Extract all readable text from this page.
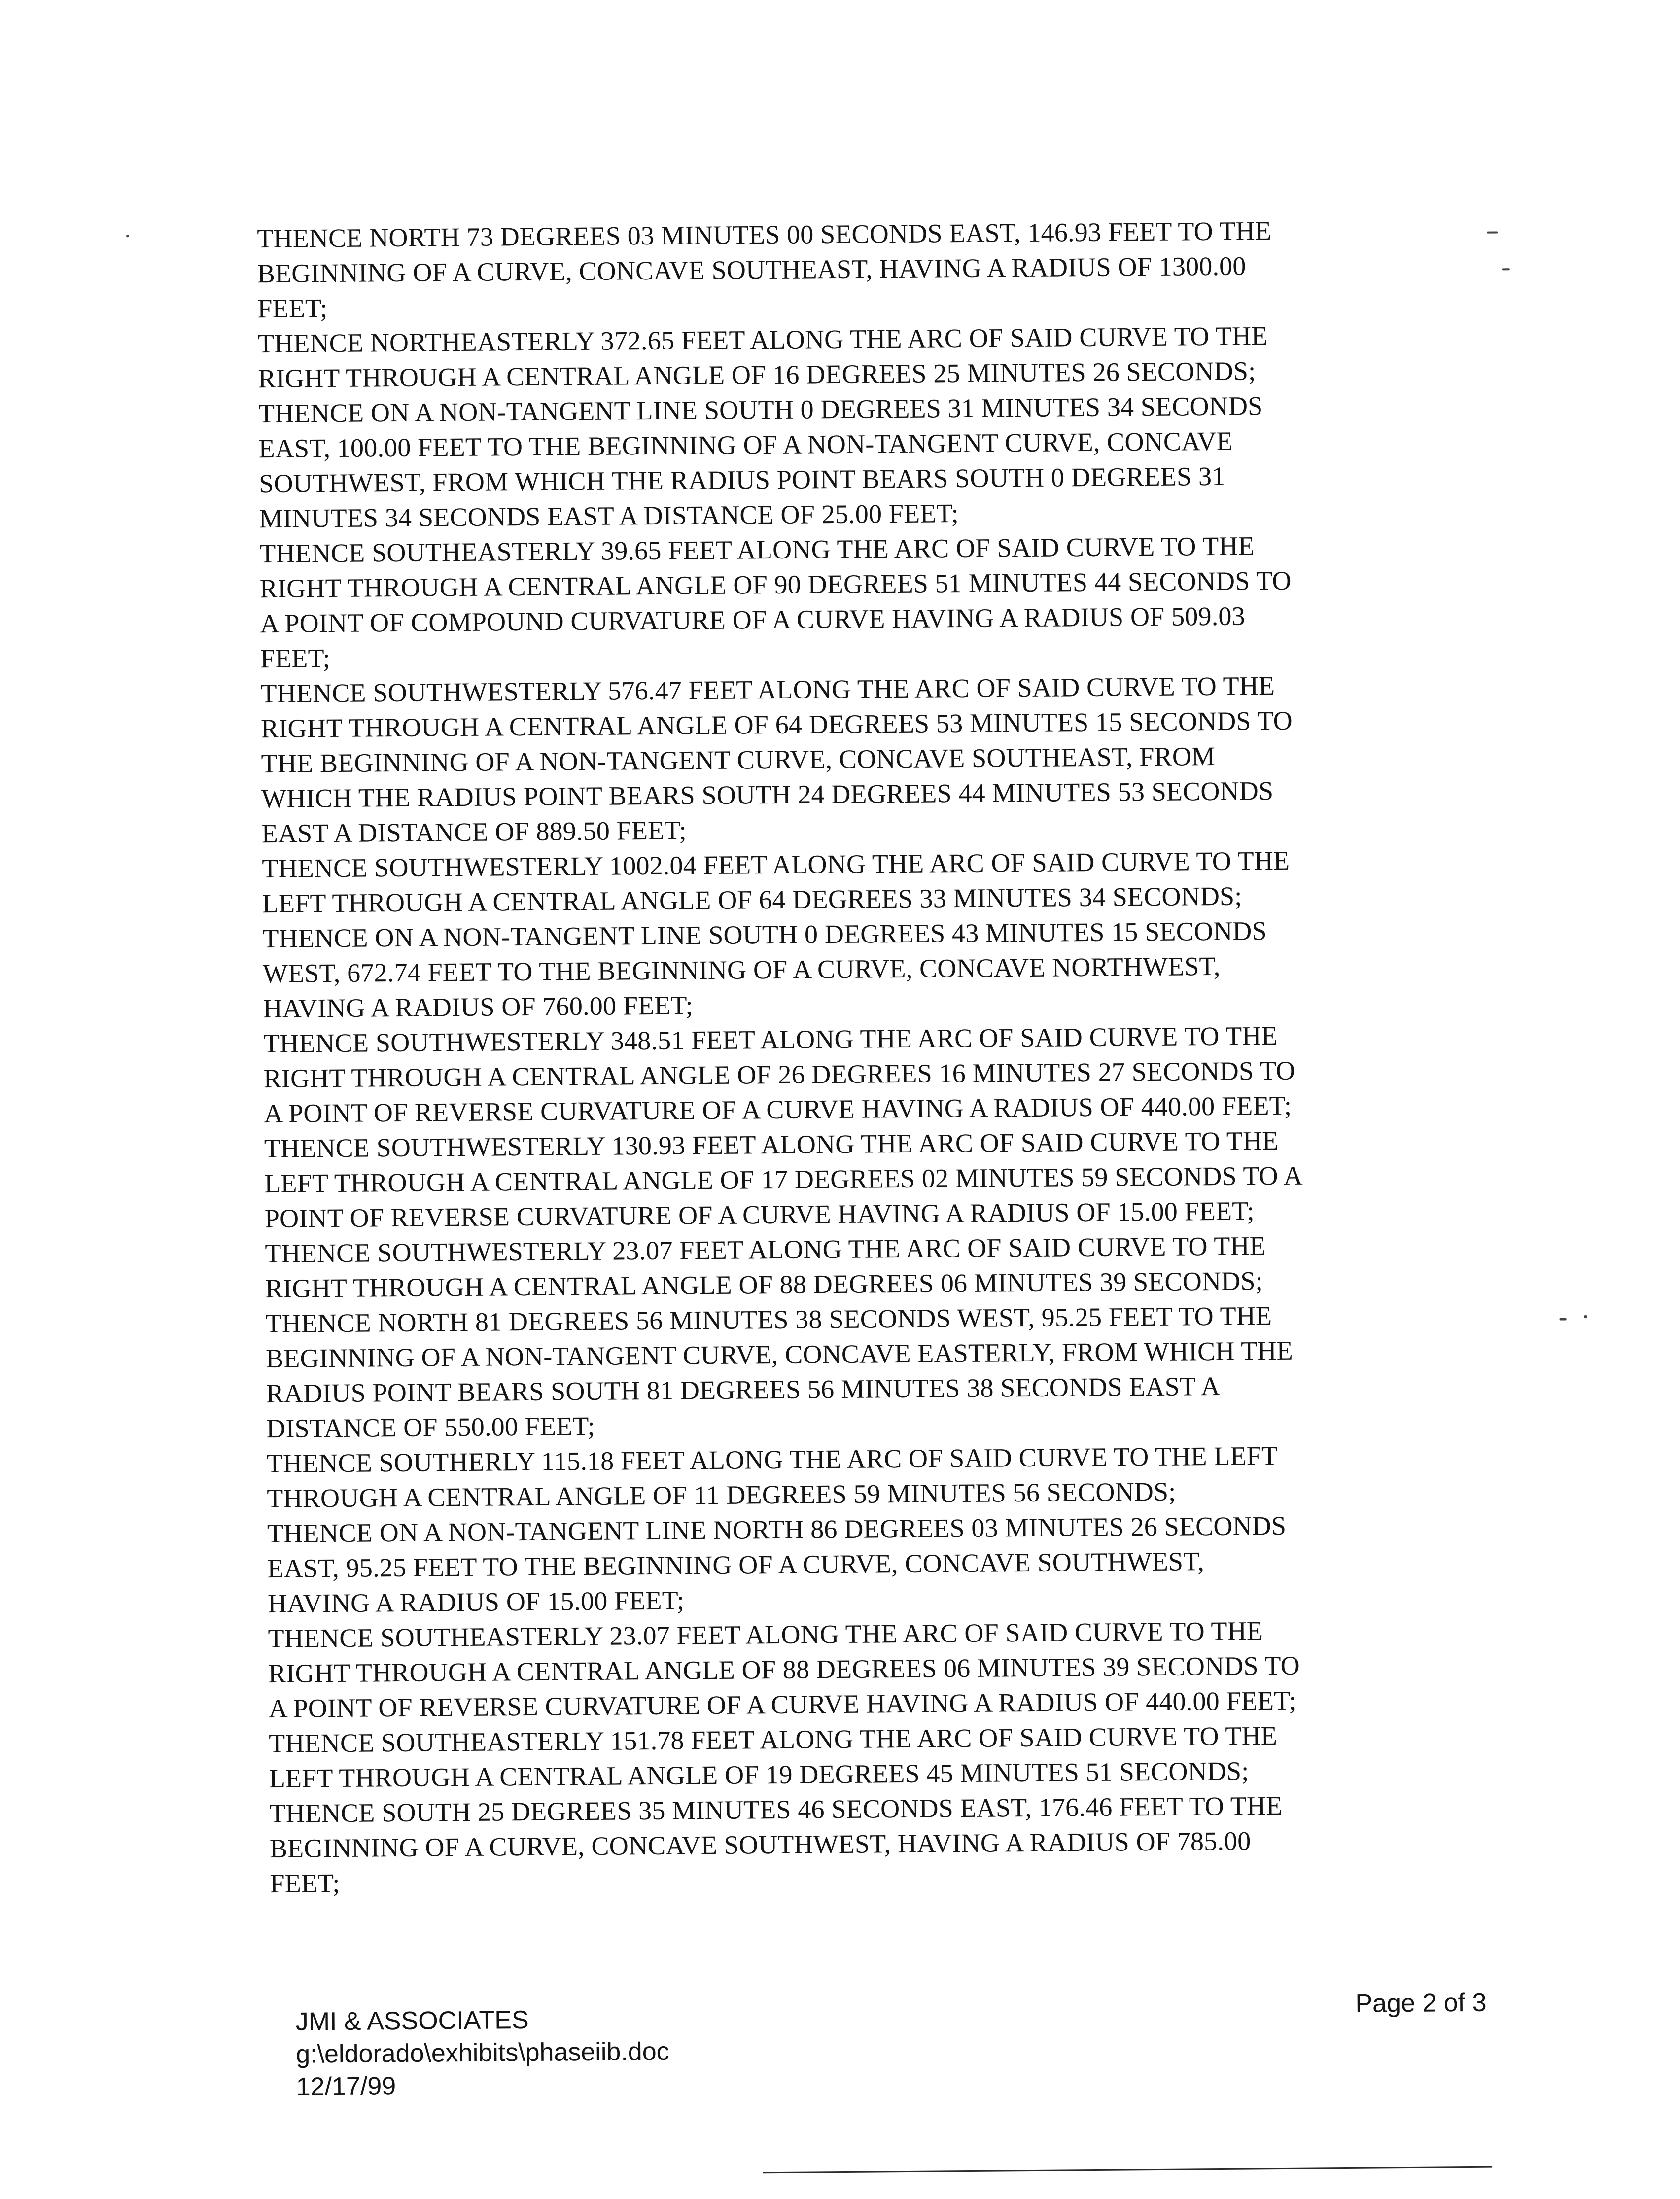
THENCE NORTH 73 DEGREES 03 MINUTES 00 SECONDS EAST, 146.93 FEET TO THE
BEGINNING OF A CURVE, CONCAVE SOUTHEAST, HAVING A RADIUS OF 1300.00
FEET;
THENCE NORTHEASTERLY 372.65 FEET ALONG THE ARC OF SAID CURVE TO THE
RIGHT THROUGH A CENTRAL ANGLE OF 16 DEGREES 25 MINUTES 26 SECONDS;
THENCE ON A NON-TANGENT LINE SOUTH 0 DEGREES 31 MINUTES 34 SECONDS
EAST, 100.00 FEET TO THE BEGINNING OF A NON-TANGENT CURVE, CONCAVE
SOUTHWEST, FROM WHICH THE RADIUS POINT BEARS SOUTH 0 DEGREES 31
MINUTES 34 SECONDS EAST A DISTANCE OF 25.00 FEET;
THENCE SOUTHEASTERLY 39.65 FEET ALONG THE ARC OF SAID CURVE TO THE
RIGHT THROUGH A CENTRAL ANGLE OF 90 DEGREES 51 MINUTES 44 SECONDS TO
A POINT OF COMPOUND CURVATURE OF A CURVE HAVING A RADIUS OF 509.03
FEET;
THENCE SOUTHWESTERLY 576.47 FEET ALONG THE ARC OF SAID CURVE TO THE
RIGHT THROUGH A CENTRAL ANGLE OF 64 DEGREES 53 MINUTES 15 SECONDS TO
THE BEGINNING OF A NON-TANGENT CURVE, CONCAVE SOUTHEAST, FROM
WHICH THE RADIUS POINT BEARS SOUTH 24 DEGREES 44 MINUTES 53 SECONDS
EAST A DISTANCE OF 889.50 FEET;
THENCE SOUTHWESTERLY 1002.04 FEET ALONG THE ARC OF SAID CURVE TO THE
LEFT THROUGH A CENTRAL ANGLE OF 64 DEGREES 33 MINUTES 34 SECONDS;
THENCE ON A NON-TANGENT LINE SOUTH 0 DEGREES 43 MINUTES 15 SECONDS
WEST, 672.74 FEET TO THE BEGINNING OF A CURVE, CONCAVE NORTHWEST,
HAVING A RADIUS OF 760.00 FEET;
THENCE SOUTHWESTERLY 348.51 FEET ALONG THE ARC OF SAID CURVE TO THE
RIGHT THROUGH A CENTRAL ANGLE OF 26 DEGREES 16 MINUTES 27 SECONDS TO
A POINT OF REVERSE CURVATURE OF A CURVE HAVING A RADIUS OF 440.00 FEET;
THENCE SOUTHWESTERLY 130.93 FEET ALONG THE ARC OF SAID CURVE TO THE
LEFT THROUGH A CENTRAL ANGLE OF 17 DEGREES 02 MINUTES 59 SECONDS TO A
POINT OF REVERSE CURVATURE OF A CURVE HAVING A RADIUS OF 15.00 FEET;
THENCE SOUTHWESTERLY 23.07 FEET ALONG THE ARC OF SAID CURVE TO THE
RIGHT THROUGH A CENTRAL ANGLE OF 88 DEGREES 06 MINUTES 39 SECONDS;
THENCE NORTH 81 DEGREES 56 MINUTES 38 SECONDS WEST, 95.25 FEET TO THE
BEGINNING OF A NON-TANGENT CURVE, CONCAVE EASTERLY, FROM WHICH THE
RADIUS POINT BEARS SOUTH 81 DEGREES 56 MINUTES 38 SECONDS EAST A
DISTANCE OF 550.00 FEET;
THENCE SOUTHERLY 115.18 FEET ALONG THE ARC OF SAID CURVE TO THE LEFT
THROUGH A CENTRAL ANGLE OF 11 DEGREES 59 MINUTES 56 SECONDS;
THENCE ON A NON-TANGENT LINE NORTH 86 DEGREES 03 MINUTES 26 SECONDS
EAST, 95.25 FEET TO THE BEGINNING OF A CURVE, CONCAVE SOUTHWEST,
HAVING A RADIUS OF 15.00 FEET;
THENCE SOUTHEASTERLY 23.07 FEET ALONG THE ARC OF SAID CURVE TO THE
RIGHT THROUGH A CENTRAL ANGLE OF 88 DEGREES 06 MINUTES 39 SECONDS TO
A POINT OF REVERSE CURVATURE OF A CURVE HAVING A RADIUS OF 440.00 FEET;
THENCE SOUTHEASTERLY 151.78 FEET ALONG THE ARC OF SAID CURVE TO THE
LEFT THROUGH A CENTRAL ANGLE OF 19 DEGREES 45 MINUTES 51 SECONDS;
THENCE SOUTH 25 DEGREES 35 MINUTES 46 SECONDS EAST, 176.46 FEET TO THE
BEGINNING OF A CURVE, CONCAVE SOUTHWEST, HAVING A RADIUS OF 785.00
FEET;
JMI & ASSOCIATES
g:\eldorado\exhibits\phaseiib.doc
12/17/99
Page 2 of 3
